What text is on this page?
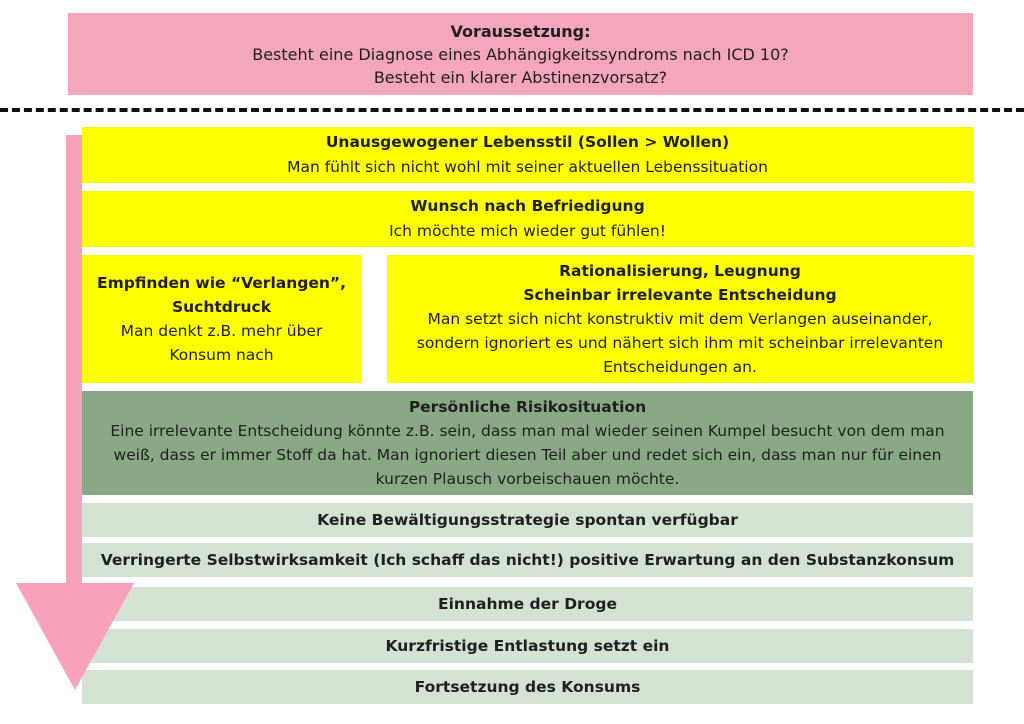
Voraussetzung:
Besteht eine Diagnose eines Abhängigkeitssyndroms nach ICD 10?
Besteht ein klarer Abstinenzvorsatz?
Unausgewogener Lebensstil (Sollen > Wollen)
Man fühlt sich nicht wohl mit seiner aktuellen Lebenssituation
Wunsch nach Befriedigung
Ich möchte mich wieder gut fühlen!
Empfinden wie “Verlangen”,
Suchtdruck
Man denkt z.B. mehr über
Konsum nach
Rationalisierung, Leugnung
Scheinbar irrelevante Entscheidung
Man setzt sich nicht konstruktiv mit dem Verlangen auseinander,
sondern ignoriert es und nähert sich ihm mit scheinbar irrelevanten
Entscheidungen an.
Persönliche Risikosituation
Eine irrelevante Entscheidung könnte z.B. sein, dass man mal wieder seinen Kumpel besucht von dem man
weiß, dass er immer Stoff da hat. Man ignoriert diesen Teil aber und redet sich ein, dass man nur für einen
kurzen Plausch vorbeischauen möchte.
Keine Bewältigungsstrategie spontan verfügbar
Verringerte Selbstwirksamkeit (Ich schaff das nicht!) positive Erwartung an den Substanzkonsum
Einnahme der Droge
Kurzfristige Entlastung setzt ein
Fortsetzung des Konsums
